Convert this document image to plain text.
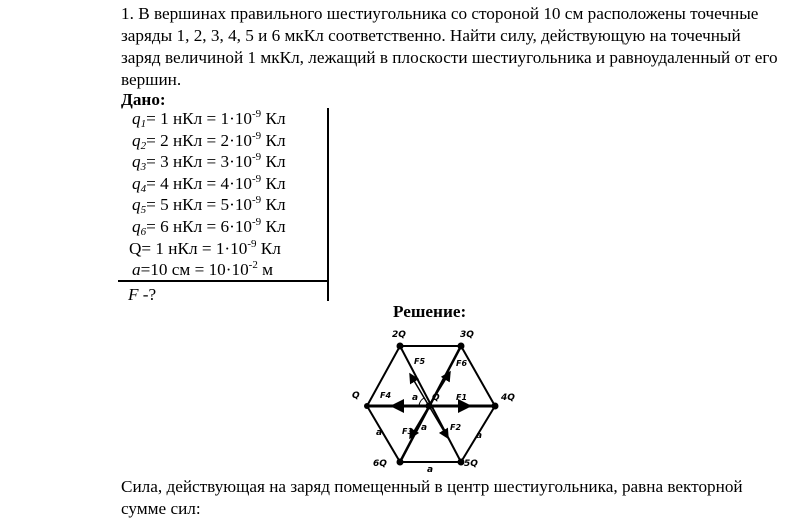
1. В вершинах правильного шестиугольника со стороной 10 см расположены точечные заряды 1, 2, 3, 4, 5 и 6 мкКл соответственно. Найти силу, действующую на точечный заряд величиной 1 мкКл, лежащий в плоскости шестиугольника и равноудаленный от его вершин.
Дано:
$q_1= 1$ нКл = $1\cdot 10^{-9}$ Кл
$q_2= 2$ нКл = $2\cdot 10^{-9}$ Кл
$q_3= 3$ нКл = $3\cdot 10^{-9}$ Кл
$q_4= 4$ нКл = $4\cdot 10^{-9}$ Кл
$q_5= 5$ нКл = $5\cdot 10^{-9}$ Кл
$q_6= 6$ нКл = $6\cdot 10^{-9}$ Кл
Q= 1 нКл = $1\cdot 10^{-9}$ Кл
a=10 см = $10\cdot 10^{-2}$ м
F -?
Решение:
2Q	3Q
4Q
5Q
6Q
Q
F5	F6
F4	F1
F3	F2
Q
a	a
a
a
a
Сила, действующая на заряд помещенный в центр шестиугольника, равна векторной сумме сил:
